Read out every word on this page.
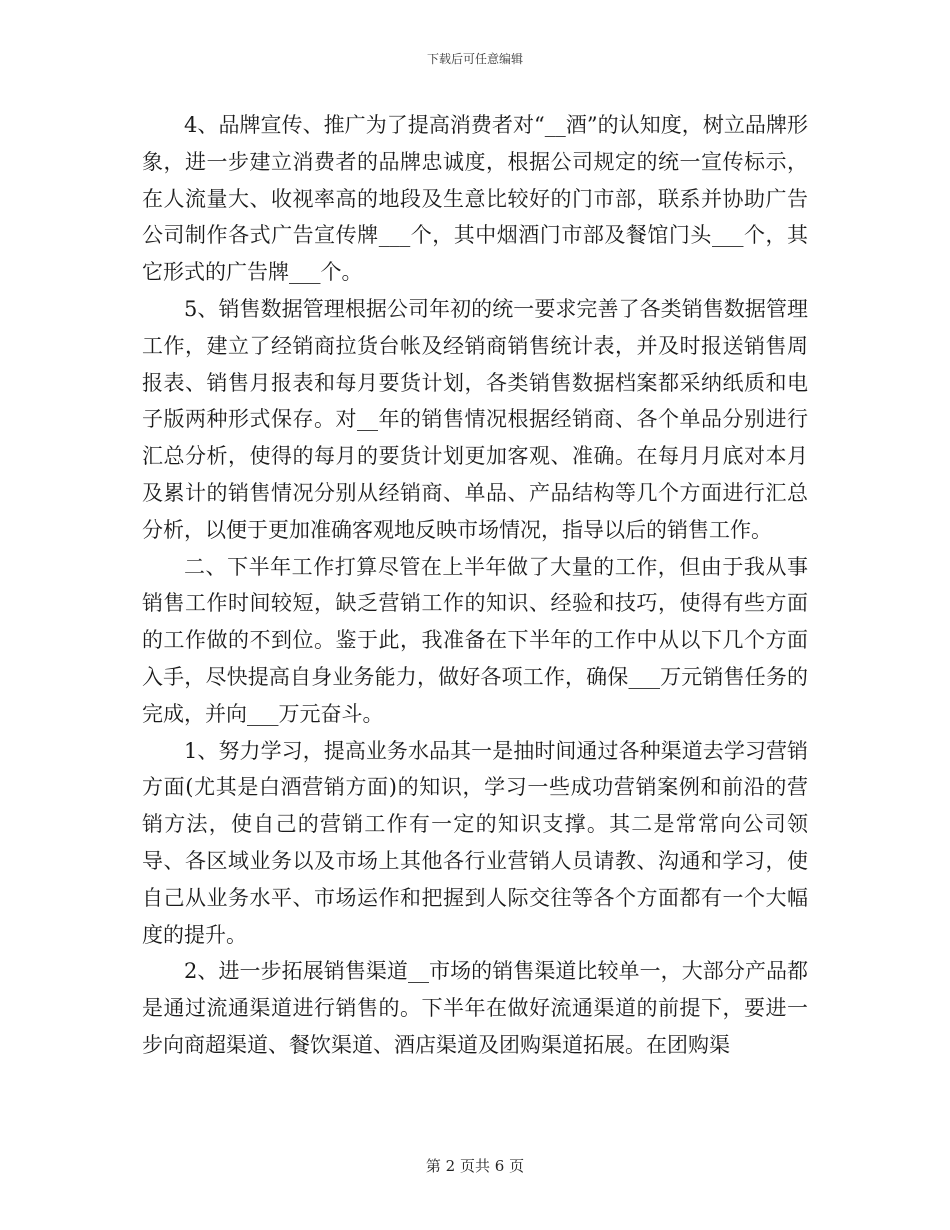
下载后可任意编辑

4、品牌宣传、推广为了提高消费者对“__酒”的认知度，树立品牌形象，进一步建立消费者的品牌忠诚度，根据公司规定的统一宣传标示，在人流量大、收视率高的地段及生意比较好的门市部，联系并协助广告公司制作各式广告宣传牌___个，其中烟酒门市部及餐馆门头___个，其它形式的广告牌___个。

5、销售数据管理根据公司年初的统一要求完善了各类销售数据管理工作，建立了经销商拉货台帐及经销商销售统计表，并及时报送销售周报表、销售月报表和每月要货计划，各类销售数据档案都采纳纸质和电子版两种形式保存。对__年的销售情况根据经销商、各个单品分别进行汇总分析，使得的每月的要货计划更加客观、准确。在每月月底对本月及累计的销售情况分别从经销商、单品、产品结构等几个方面进行汇总分析，以便于更加准确客观地反映市场情况，指导以后的销售工作。

二、下半年工作打算尽管在上半年做了大量的工作，但由于我从事销售工作时间较短，缺乏营销工作的知识、经验和技巧，使得有些方面的工作做的不到位。鉴于此，我准备在下半年的工作中从以下几个方面入手，尽快提高自身业务能力，做好各项工作，确保___万元销售任务的完成，并向___万元奋斗。

1、努力学习，提高业务水品其一是抽时间通过各种渠道去学习营销方面(尤其是白酒营销方面)的知识，学习一些成功营销案例和前沿的营销方法，使自己的营销工作有一定的知识支撑。其二是常常向公司领导、各区域业务以及市场上其他各行业营销人员请教、沟通和学习，使自己从业务水平、市场运作和把握到人际交往等各个方面都有一个大幅度的提升。

2、进一步拓展销售渠道__市场的销售渠道比较单一，大部分产品都是通过流通渠道进行销售的。下半年在做好流通渠道的前提下，要进一步向商超渠道、餐饮渠道、酒店渠道及团购渠道拓展。在团购渠

第 2 页共 6 页
